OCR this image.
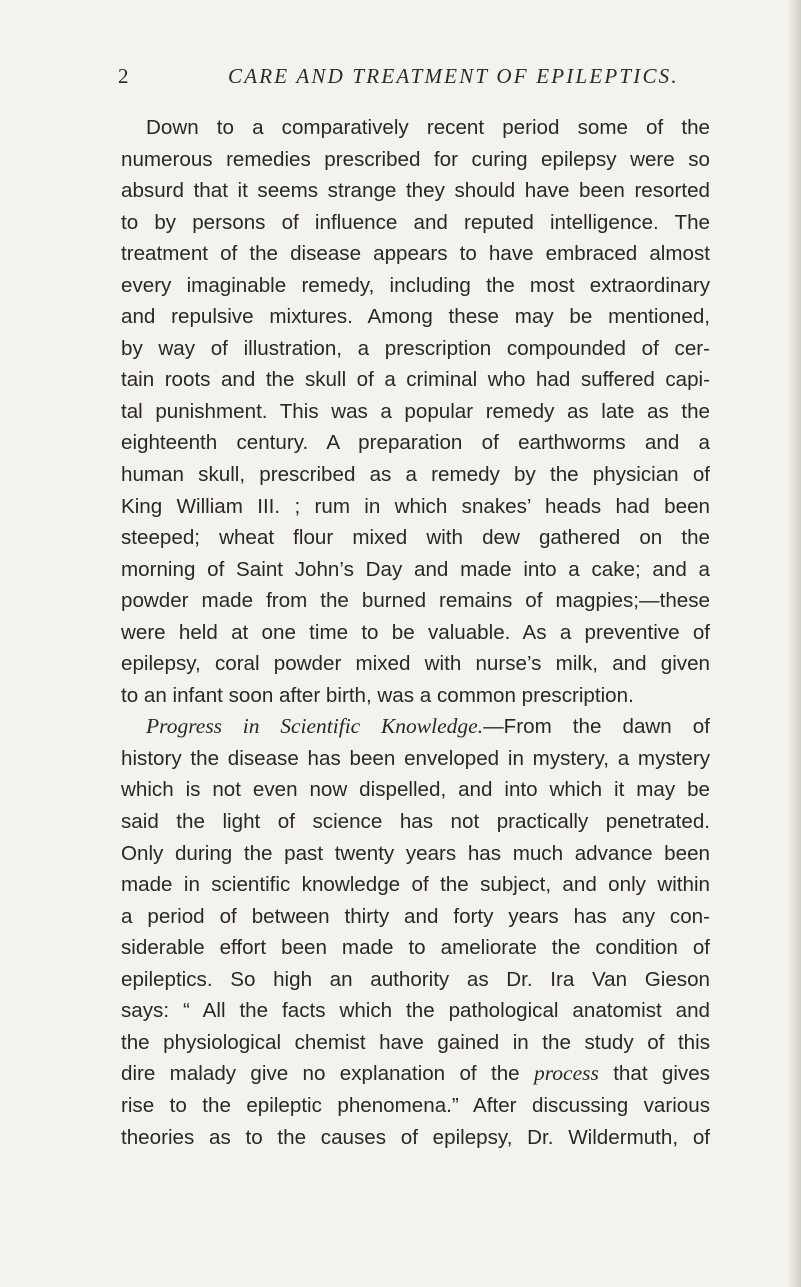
2	CARE AND TREATMENT OF EPILEPTICS.
Down to a comparatively recent period some of the
numerous remedies prescribed for curing epilepsy were so
absurd that it seems strange they should have been resorted
to by persons of influence and reputed intelligence. The
treatment of the disease appears to have embraced almost
every imaginable remedy, including the most extraordinary
and repulsive mixtures. Among these may be mentioned,
by way of illustration, a prescription compounded of cer-
tain roots and the skull of a criminal who had suffered capi-
tal punishment. This was a popular remedy as late as the
eighteenth century. A preparation of earthworms and a
human skull, prescribed as a remedy by the physician of
King William III. ; rum in which snakes’ heads had been
steeped; wheat flour mixed with dew gathered on the
morning of Saint John’s Day and made into a cake; and a
powder made from the burned remains of magpies;—these
were held at one time to be valuable. As a preventive of
epilepsy, coral powder mixed with nurse’s milk, and given
to an infant soon after birth, was a common prescription.
Progress in Scientific Knowledge.—From the dawn of
history the disease has been enveloped in mystery, a mystery
which is not even now dispelled, and into which it may be
said the light of science has not practically penetrated.
Only during the past twenty years has much advance been
made in scientific knowledge of the subject, and only within
a period of between thirty and forty years has any con-
siderable effort been made to ameliorate the condition of
epileptics. So high an authority as Dr. Ira Van Gieson
says: “ All the facts which the pathological anatomist and
the physiological chemist have gained in the study of this
dire malady give no explanation of the process that gives
rise to the epileptic phenomena.” After discussing various
theories as to the causes of epilepsy, Dr. Wildermuth, of
